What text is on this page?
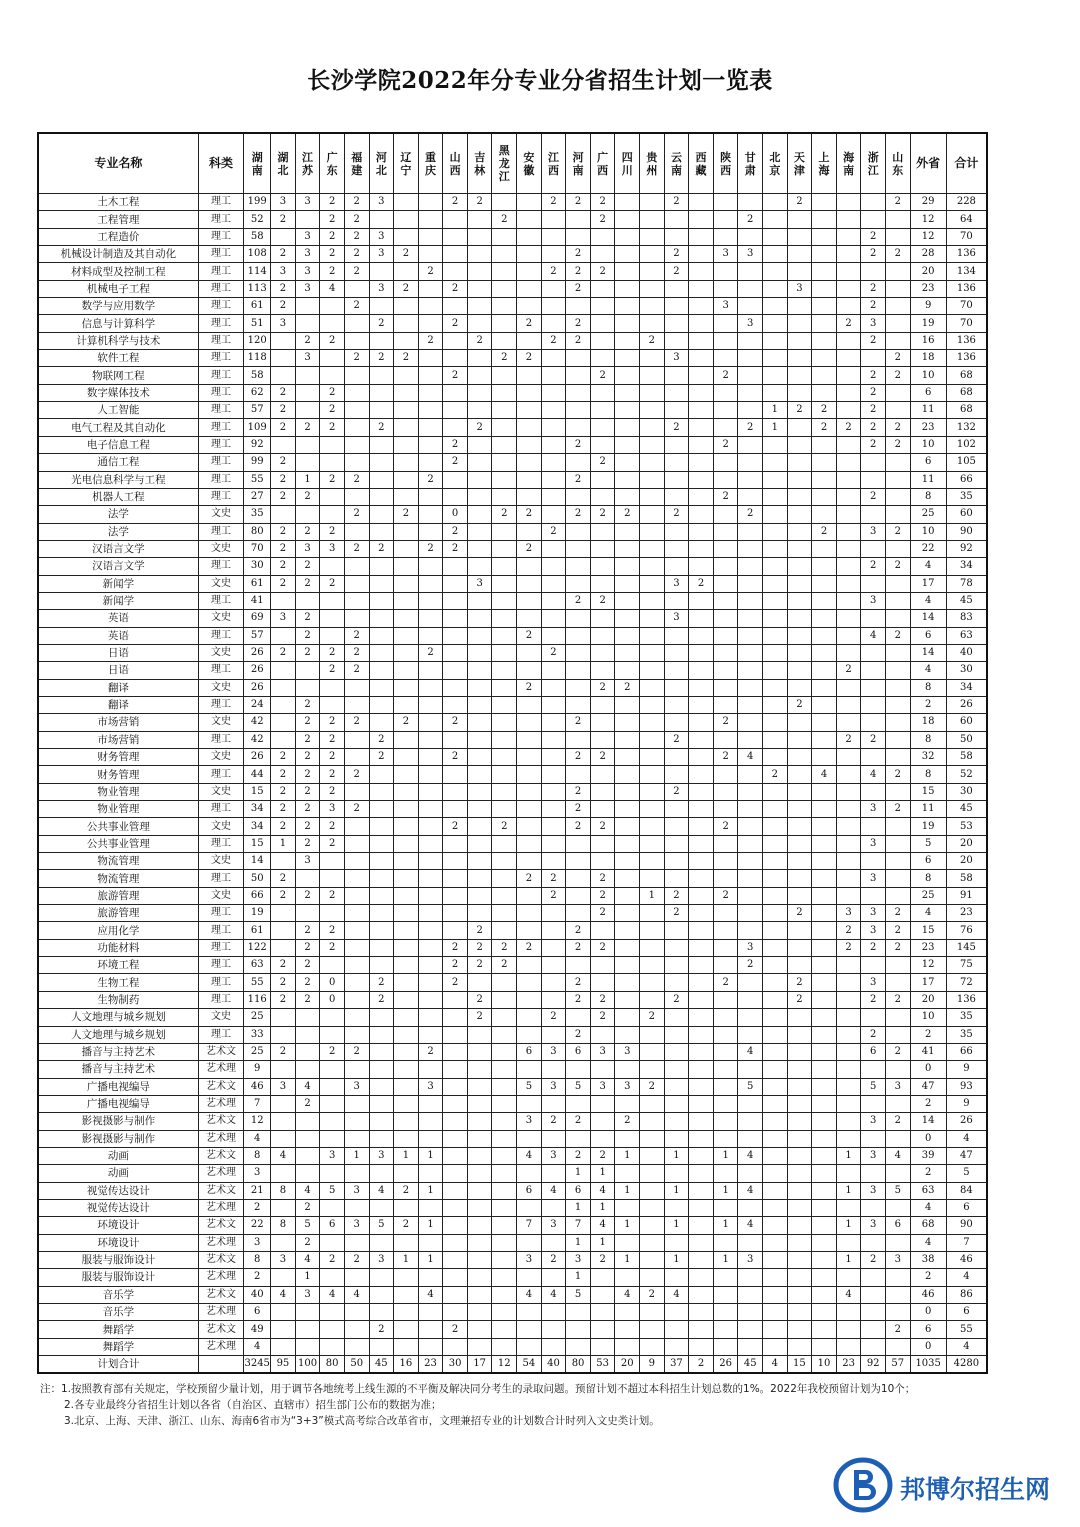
长沙学院2022年分专业分省招生计划一览表
专业名称	科类	湖南	湖北	江苏	广东	福建	河北	辽宁	重庆	山西	吉林	黑龙江	安徽	江西	河南	广西	四川	贵州	云南	西藏	陕西	甘肃	北京	天津	上海	海南	浙江	山东	外省	合计
土木工程	理工	199	3	3	2	2	3			2	2			2	2	2			2					2				2	29	228
工程管理	理工	52	2		2	2						2				2						2							12	64
工程造价	理工	58		3	2	2	3																				2		12	70
机械设计制造及其自动化	理工	108	2	3	2	2	3	2							2				2		3	3					2	2	28	136
材料成型及控制工程	理工	114	3	3	2	2			2					2	2	2			2										20	134
机械电子工程	理工	113	2	3	4		3	2		2					2									3			2		23	136
数学与应用数学	理工	61	2			2															3						2		9	70
信息与计算科学	理工	51	3				2			2			2		2							3				2	3		19	70
计算机科学与技术	理工	120		2	2				2		2			2	2			2									2		16	136
软件工程	理工	118		3		2	2	2				2	2						3									2	18	136
物联网工程	理工	58								2						2					2						2	2	10	68
数字媒体技术	理工	62	2		2																						2		6	68
人工智能	理工	57	2		2																		1	2	2		2		11	68
电气工程及其自动化	理工	109	2	2	2		2				2								2			2	1		2	2	2	2	23	132
电子信息工程	理工	92								2					2						2						2	2	10	102
通信工程	理工	99	2							2						2													6	105
光电信息科学与工程	理工	55	2	1	2	2			2						2														11	66
机器人工程	理工	27	2	2																	2						2		8	35
法学	文史	35				2		2		0		2	2		2	2	2		2			2							25	60
法学	理工	80	2	2	2					2				2											2		3	2	10	90
汉语言文学	文史	70	2	3	3	2	2		2	2			2																22	92
汉语言文学	理工	30	2	2																							2	2	4	34
新闻学	文史	61	2	2	2						3								3	2									17	78
新闻学	理工	41													2	2											3		4	45
英语	文史	69	3	2															3										14	83
英语	理工	57		2		2							2														4	2	6	63
日语	文史	26	2	2	2	2			2					2															14	40
日语	理工	26			2	2																				2			4	30
翻译	文史	26											2			2	2												8	34
翻译	理工	24		2																				2					2	26
市场营销	文史	42		2	2	2		2		2					2						2								18	60
市场营销	理工	42		2	2		2												2							2	2		8	50
财务管理	文史	26	2	2	2		2			2					2	2					2	4							32	58
财务管理	理工	44	2	2	2	2																	2		4		4	2	8	52
物业管理	文史	15	2	2	2										2				2										15	30
物业管理	理工	34	2	2	3	2									2												3	2	11	45
公共事业管理	文史	34	2	2	2					2		2			2	2					2								19	53
公共事业管理	理工	15	1	2	2																						3		5	20
物流管理	文史	14		3																									6	20
物流管理	理工	50	2										2	2		2											3		8	58
旅游管理	文史	66	2	2	2									2		2		1	2		2								25	91
旅游管理	理工	19														2			2					2		3	3	2	4	23
应用化学	理工	61		2	2						2				2											2	3	2	15	76
功能材料	理工	122		2	2					2	2	2	2		2	2						3				2	2	2	23	145
环境工程	理工	63	2	2						2	2	2										2							12	75
生物工程	理工	55	2	2	0		2			2					2						2			2			3		17	72
生物制药	理工	116	2	2	0		2				2				2	2			2					2			2	2	20	136
人文地理与城乡规划	文史	25									2			2		2		2											10	35
人文地理与城乡规划	理工	33													2												2		2	35
播音与主持艺术	艺术文	25	2		2	2			2				6	3	6	3	3					4					6	2	41	66
播音与主持艺术	艺术理	9																											0	9
广播电视编导	艺术文	46	3	4		3			3				5	3	5	3	3	2				5					5	3	47	93
广播电视编导	艺术理	7		2																									2	9
影视摄影与制作	艺术文	12											3	2	2		2										3	2	14	26
影视摄影与制作	艺术理	4																											0	4
动画	艺术文	8	4		3	1	3	1	1				4	3	2	2	1		1		1	4				1	3	4	39	47
动画	艺术理	3													1	1													2	5
视觉传达设计	艺术文	21	8	4	5	3	4	2	1				6	4	6	4	1		1		1	4				1	3	5	63	84
视觉传达设计	艺术理	2		2											1	1													4	6
环境设计	艺术文	22	8	5	6	3	5	2	1				7	3	7	4	1		1		1	4				1	3	6	68	90
环境设计	艺术理	3		2											1	1													4	7
服装与服饰设计	艺术文	8	3	4	2	2	3	1	1				3	2	3	2	1		1		1	3				1	2	3	38	46
服装与服饰设计	艺术理	2		1											1														2	4
音乐学	艺术文	40	4	3	4	4			4				4	4	5		4	2	4							4			46	86
音乐学	艺术理	6																											0	6
舞蹈学	艺术文	49					2			2																		2	6	55
舞蹈学	艺术理	4																											0	4
计划合计		3245	95	100	80	50	45	16	23	30	17	12	54	40	80	53	20	9	37	2	26	45	4	15	10	23	92	57	1035	4280
注：1.按照教育部有关规定，学校预留少量计划，用于调节各地统考上线生源的不平衡及解决同分考生的录取问题。预留计划不超过本科招生计划总数的1%。2022年我校预留计划为10个；
2.各专业最终分省招生计划以各省（自治区、直辖市）招生部门公布的数据为准；
3.北京、上海、天津、浙江、山东、海南6省市为“3+3”模式高考综合改革省市，文理兼招专业的计划数合计时列入文史类计划。
邦博尔招生网
